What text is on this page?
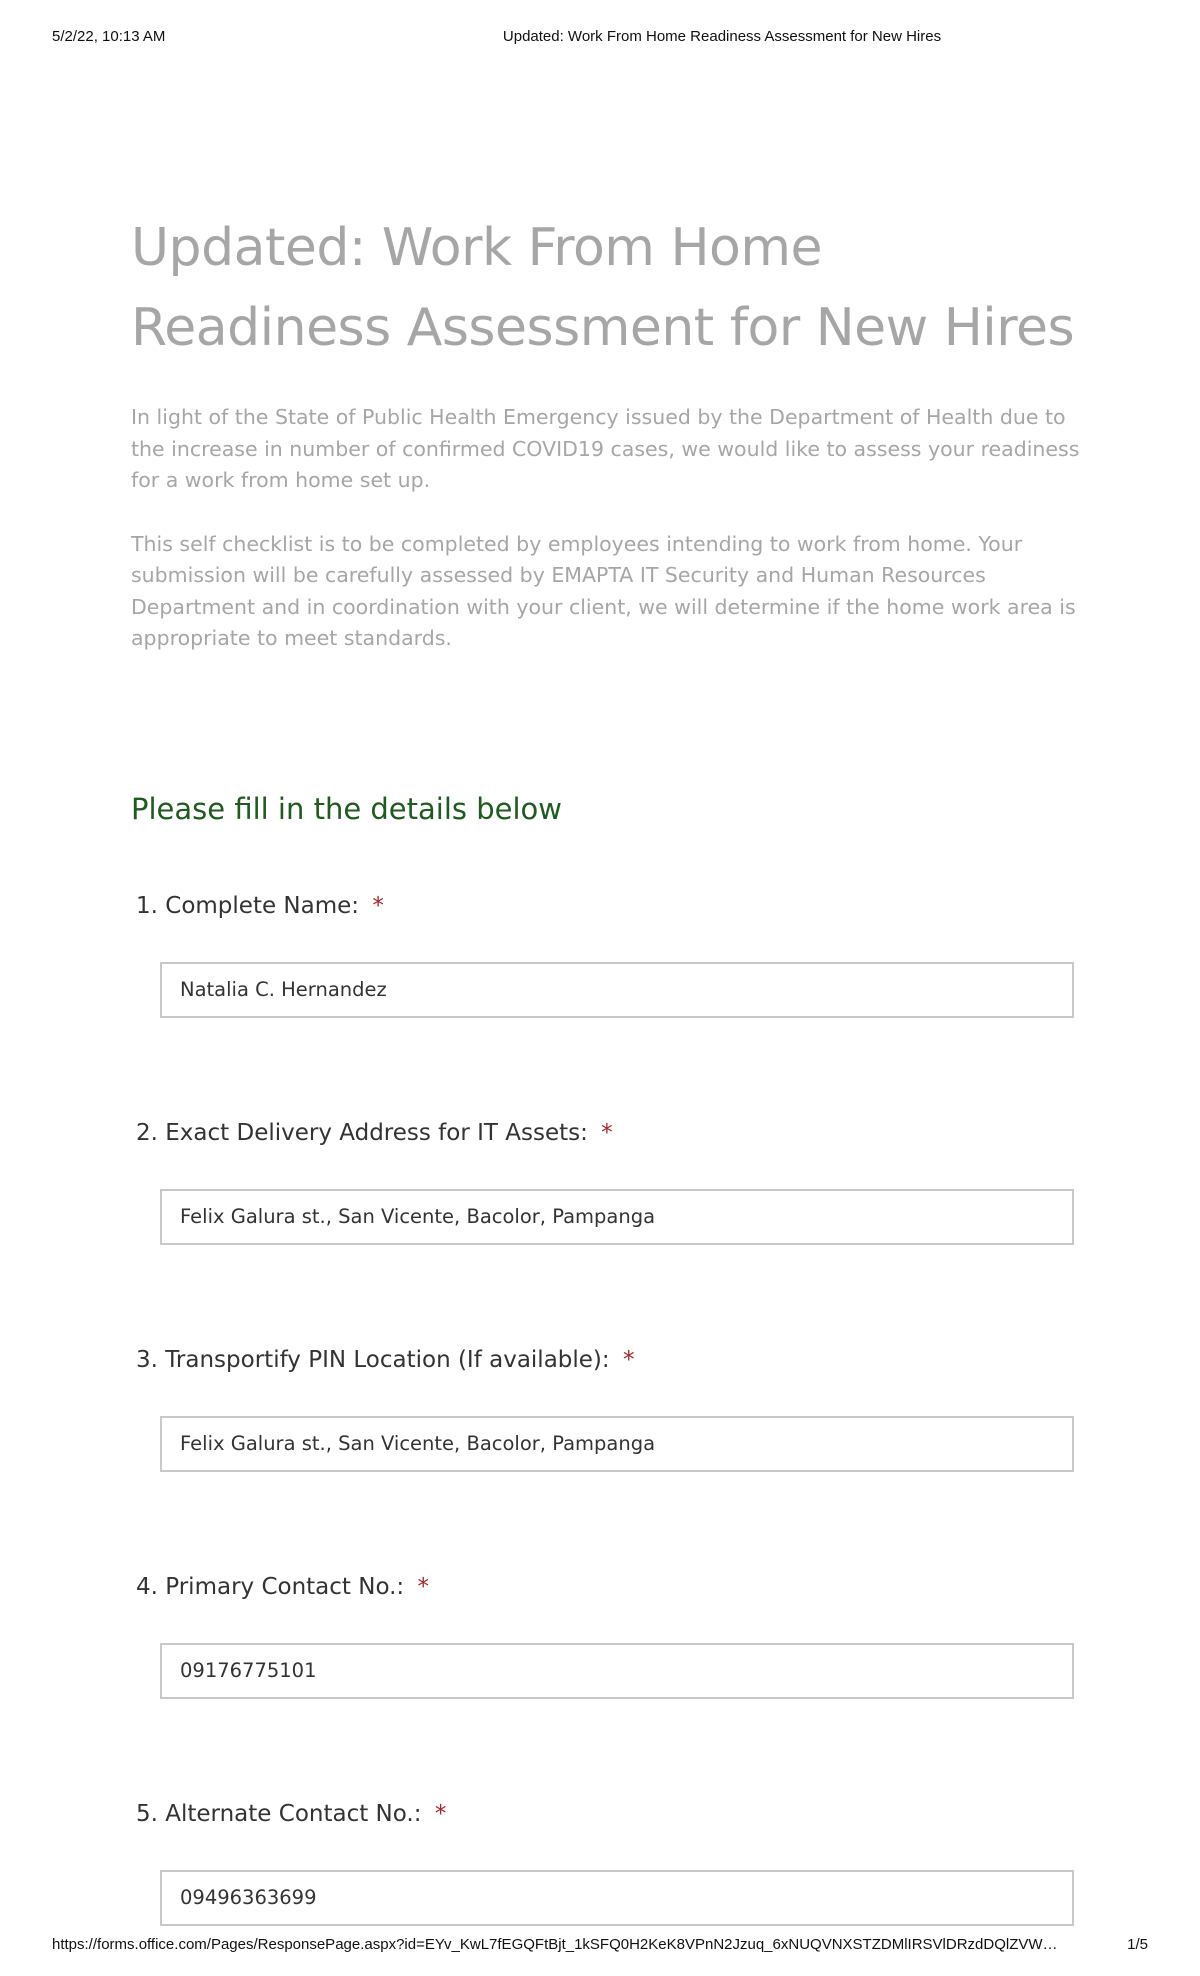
5/2/22, 10:13 AM	Updated: Work From Home Readiness Assessment for New Hires
Updated: Work From Home Readiness Assessment for New Hires

In light of the State of Public Health Emergency issued by the Department of Health due to the increase in number of confirmed COVID19 cases, we would like to assess your readiness for a work from home set up.

This self checklist is to be completed by employees intending to work from home. Your submission will be carefully assessed by EMAPTA IT Security and Human Resources Department and in coordination with your client, we will determine if the home work area is appropriate to meet standards.

Please fill in the details below
1. Complete Name: *
Natalia C. Hernandez
2. Exact Delivery Address for IT Assets: *
Felix Galura st., San Vicente, Bacolor, Pampanga
3. Transportify PIN Location (If available): *
Felix Galura st., San Vicente, Bacolor, Pampanga
4. Primary Contact No.: *
09176775101
5. Alternate Contact No.: *
09496363699
https://forms.office.com/Pages/ResponsePage.aspx?id=EYv_KwL7fEGQFtBjt_1kSFQ0H2KeK8VPnN2Jzuq_6xNUQVNXSTZDMlIRSVlDRzdDQlZVW…	1/5
